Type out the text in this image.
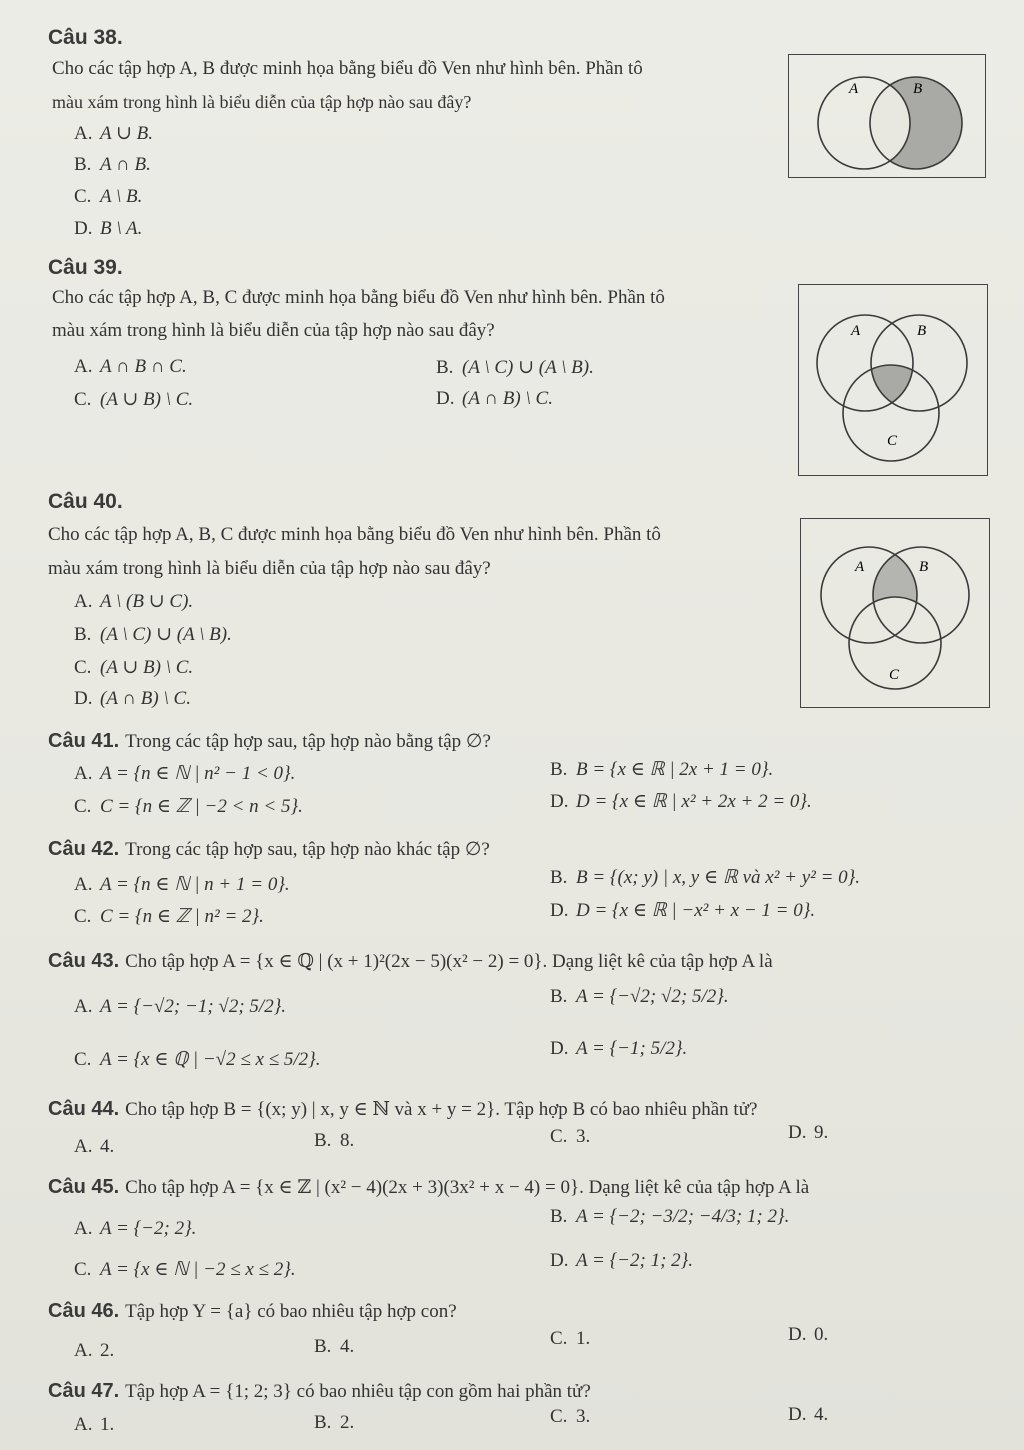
Câu 38.
Cho các tập hợp A, B được minh họa bằng biểu đồ Ven như hình bên. Phần tô
màu xám trong hình là biểu diễn của tập hợp nào sau đây?
A. A ∪ B.
B. A ∩ B.
C. A \ B.
D. B \ A.
A	B
Câu 39.
Cho các tập hợp A, B, C được minh họa bằng biểu đồ Ven như hình bên. Phần tô
màu xám trong hình là biểu diễn của tập hợp nào sau đây?
A. A ∩ B ∩ C.	B. (A \ C) ∪ (A \ B).
C. (A ∪ B) \ C.	D. (A ∩ B) \ C.
A	B
C
Câu 40.
Cho các tập hợp A, B, C được minh họa bằng biểu đồ Ven như hình bên. Phần tô
màu xám trong hình là biểu diễn của tập hợp nào sau đây?
A. A \ (B ∪ C).
B. (A \ C) ∪ (A \ B).
C. (A ∪ B) \ C.
D. (A ∩ B) \ C.
A	B
C
Câu 41. Trong các tập hợp sau, tập hợp nào bằng tập ∅?
A. A = {n ∈ ℕ | n² − 1 < 0}.	B. B = {x ∈ ℝ | 2x + 1 = 0}.
C. C = {n ∈ ℤ | −2 < n < 5}.	D. D = {x ∈ ℝ | x² + 2x + 2 = 0}.
Câu 42. Trong các tập hợp sau, tập hợp nào khác tập ∅?
A. A = {n ∈ ℕ | n + 1 = 0}.	B. B = {(x; y) | x, y ∈ ℝ và x² + y² = 0}.
C. C = {n ∈ ℤ | n² = 2}.	D. D = {x ∈ ℝ | −x² + x − 1 = 0}.
Câu 43. Cho tập hợp A = {x ∈ ℚ | (x + 1)²(2x − 5)(x² − 2) = 0}. Dạng liệt kê của tập hợp A là
A. A = {−√2; −1; √2; 5/2}.	B. A = {−√2; √2; 5/2}.
C. A = {x ∈ ℚ | −√2 ≤ x ≤ 5/2}.
D. A = {−1; 5/2}.
Câu 44. Cho tập hợp B = {(x; y) | x, y ∈ ℕ và x + y = 2}. Tập hợp B có bao nhiêu phần tử?
A. 4.	B. 8.	C. 3.	D. 9.
Câu 45. Cho tập hợp A = {x ∈ ℤ | (x² − 4)(2x + 3)(3x² + x − 4) = 0}. Dạng liệt kê của tập hợp A là
A. A = {−2; 2}.
B. A = {−2; −3/2; −4/3; 1; 2}.
C. A = {x ∈ ℕ | −2 ≤ x ≤ 2}.	D. A = {−2; 1; 2}.
Câu 46. Tập hợp Y = {a} có bao nhiêu tập hợp con?
A. 2.	B. 4.	C. 1.	D. 0.
Câu 47. Tập hợp A = {1; 2; 3} có bao nhiêu tập con gồm hai phần tử?
A. 1.	B. 2.	C. 3.	D. 4.
